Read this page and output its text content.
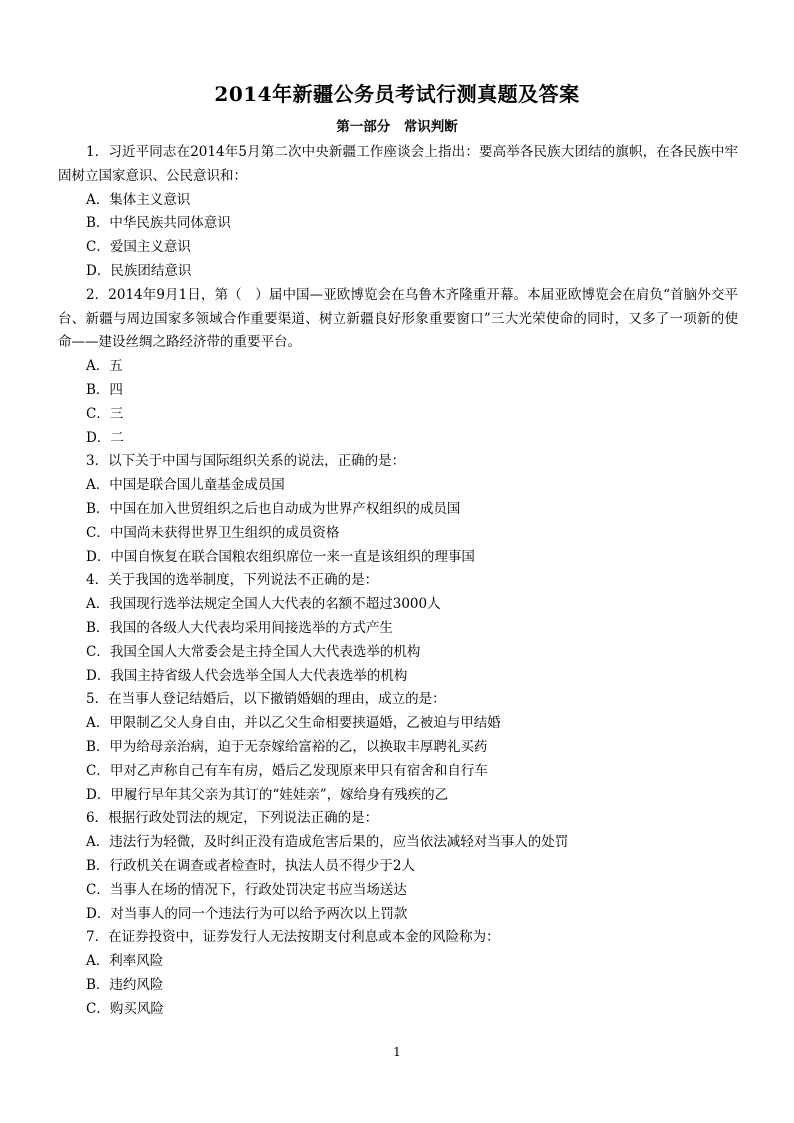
2014年新疆公务员考试行测真题及答案
第一部分　常识判断

1．习近平同志在2014年5月第二次中央新疆工作座谈会上指出：要高举各民族大团结的旗帜，在各民族中牢固树立国家意识、公民意识和：

A．集体主义意识

B．中华民族共同体意识

C．爱国主义意识

D．民族团结意识

2．2014年9月1日，第（　）届中国—亚欧博览会在乌鲁木齐隆重开幕。本届亚欧博览会在肩负“首脑外交平台、新疆与周边国家多领域合作重要渠道、树立新疆良好形象重要窗口”三大光荣使命的同时，又多了一项新的使命——建设丝绸之路经济带的重要平台。

A．五

B．四

C．三

D．二

3．以下关于中国与国际组织关系的说法，正确的是：

A．中国是联合国儿童基金成员国

B．中国在加入世贸组织之后也自动成为世界产权组织的成员国

C．中国尚未获得世界卫生组织的成员资格

D．中国自恢复在联合国粮农组织席位一来一直是该组织的理事国

4．关于我国的选举制度，下列说法不正确的是：

A．我国现行选举法规定全国人大代表的名额不超过3000人

B．我国的各级人大代表均采用间接选举的方式产生

C．我国全国人大常委会是主持全国人大代表选举的机构

D．我国主持省级人代会选举全国人大代表选举的机构

5．在当事人登记结婚后，以下撤销婚姻的理由，成立的是：

A．甲限制乙父人身自由，并以乙父生命相要挟逼婚，乙被迫与甲结婚

B．甲为给母亲治病，迫于无奈嫁给富裕的乙，以换取丰厚聘礼买药

C．甲对乙声称自己有车有房，婚后乙发现原来甲只有宿舍和自行车

D．甲履行早年其父亲为其订的“娃娃亲”，嫁给身有残疾的乙

6．根据行政处罚法的规定，下列说法正确的是：

A．违法行为轻微，及时纠正没有造成危害后果的，应当依法减轻对当事人的处罚

B．行政机关在调查或者检查时，执法人员不得少于2人

C．当事人在场的情况下，行政处罚决定书应当场送达

D．对当事人的同一个违法行为可以给予两次以上罚款

7．在证券投资中，证券发行人无法按期支付利息或本金的风险称为：

A．利率风险

B．违约风险

C．购买风险

1
